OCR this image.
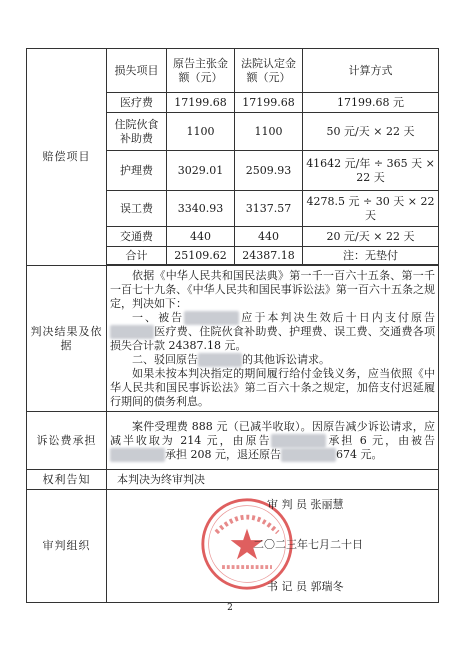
赔偿项目	损失项目	原告主张金额（元）	法院认定金额（元）	计算方式
	医疗费	17199.68	17199.68	17199.68 元
	住院伙食补助费	1100	1100	50 元/天 × 22 天
	护理费	3029.01	2509.93	41642 元/年 ÷ 365 天 × 22 天
	误工费	3340.93	3137.57	4278.5 元 ÷ 30 天 × 22 天
	交通费	440	440	20 元/天 × 22 天
	合计	25109.62	24387.18	注：无垫付

判决结果及依据	依据《中华人民共和国民法典》第一千一百六十五条、第一千一百七十九条、《中华人民共和国民事诉讼法》第一百六十五条之规定，判决如下：

一、被告 应于本判决生效后十日内支付原告医疗费、住院伙食补助费、护理费、误工费、交通费各项损失合计款 24387.18 元。

二、驳回原告 的其他诉讼请求。

如果未按本判决指定的期间履行给付金钱义务，应当依照《中华人民共和国民事诉讼法》第二百六十条之规定，加倍支付迟延履行期间的债务利息。			

诉讼费承担	案件受理费 888 元（已减半收取）。因原告减少诉讼请求，应减半收取为 214 元，由原告 承担 6 元，由被告承担 208 元，退还原告 674 元。			
权利告知	本判决为终审判决			
审判组织	审 判 员 张丽慧
二〇二三年七月二十日
书 记 员 郭瑞冬			
2
